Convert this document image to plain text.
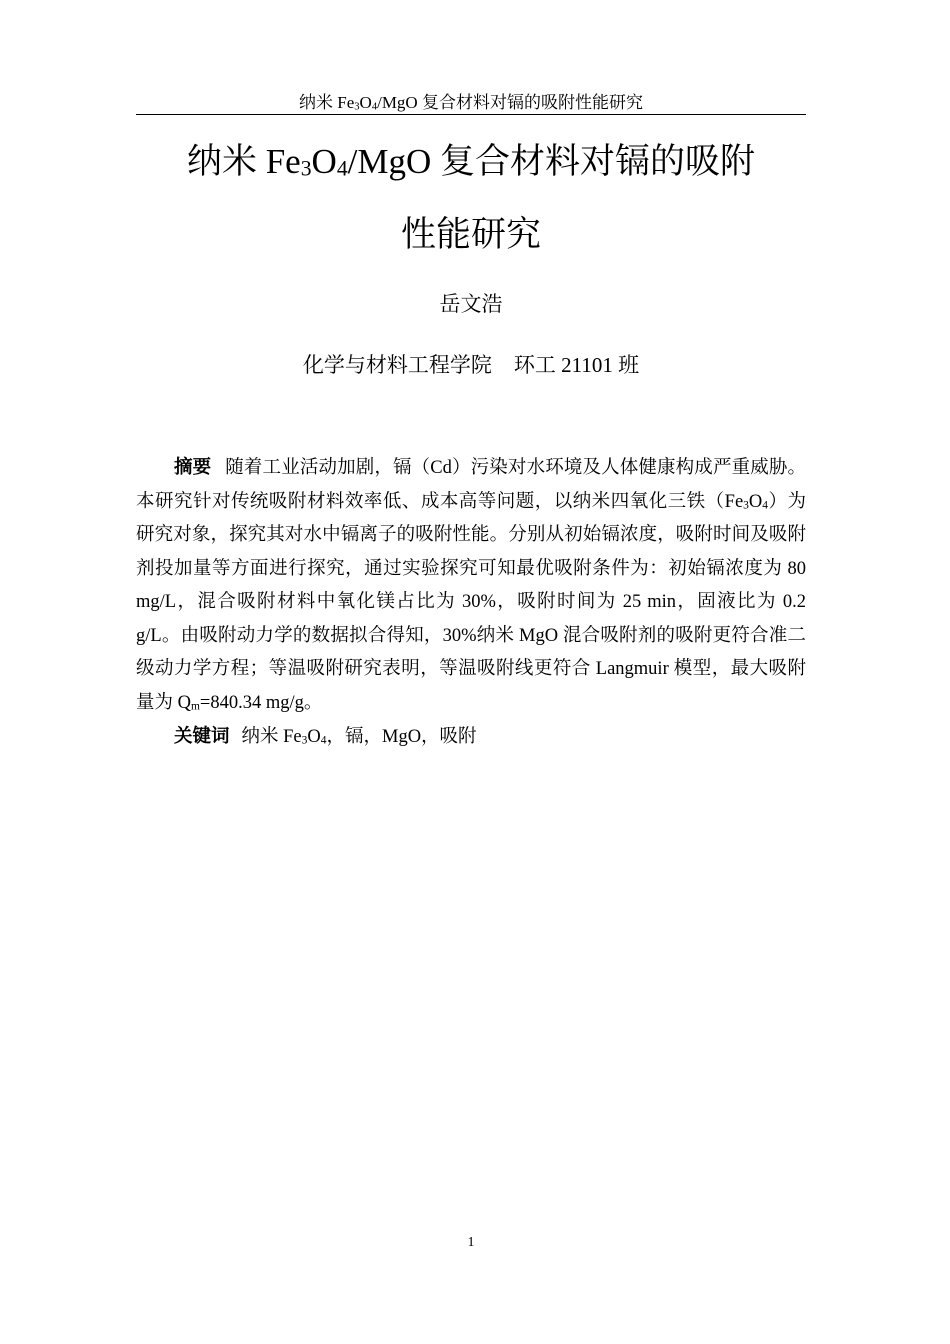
纳米 $Fe_3O_4$/MgO 复合材料对镉的吸附性能研究
纳米 $Fe_3O_4$/MgO 复合材料对镉的吸附
性能研究
岳文浩
化学与材料工程学院 环工 21101 班

摘要 随着工业活动加剧，镉（Cd）污染对水环境及人体健康构成严重威胁。本研究针对传统吸附材料效率低、成本高等问题，以纳米四氧化三铁$(Fe_3O_4)$为研究对象，探究其对水中镉离子的吸附性能。分别从初始镉浓度，吸附时间及吸附剂投加量等方面进行探究，通过实验探究可知最优吸附条件为：初始镉浓度为 80 mg/L，混合吸附材料中氧化镁占比为 30%，吸附时间为 25 min，固液比为 0.2 g/L。由吸附动力学的数据拟合得知，30%纳米 MgO 混合吸附剂的吸附更符合准二级动力学方程；等温吸附研究表明，等温吸附线更符合 Langmuir 模型，最大吸附量为 $Q_m=840.34$ mg/g。

关键词 纳米 $Fe_3O_4$，镉，MgO，吸附

1
